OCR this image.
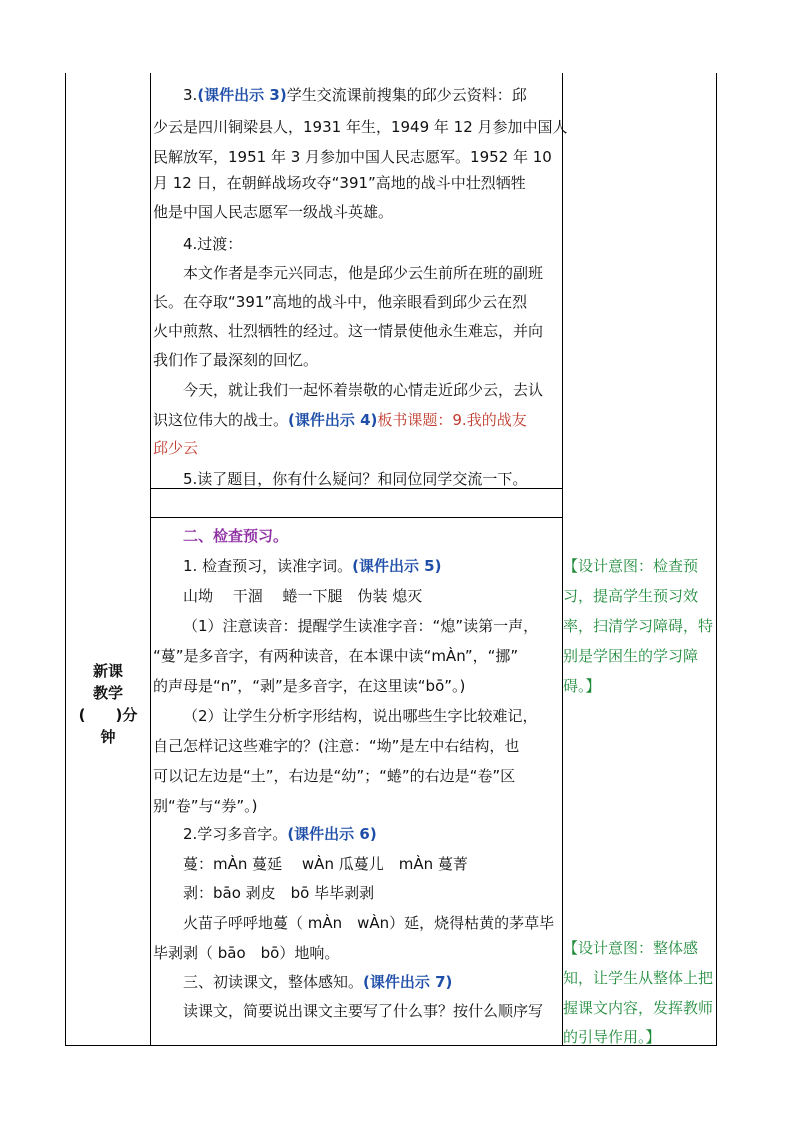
新课
教学
(　　)分
钟
3.(课件出示 3)学生交流课前搜集的邱少云资料：邱
少云是四川铜梁县人，1931 年生，1949 年 12 月参加中国人
民解放军，1951 年 3 月参加中国人民志愿军。1952 年 10
月 12 日，在朝鲜战场攻夺“391”高地的战斗中壮烈牺牲
他是中国人民志愿军一级战斗英雄。
4.过渡：
本文作者是李元兴同志，他是邱少云生前所在班的副班
长。在夺取“391”高地的战斗中，他亲眼看到邱少云在烈
火中煎熬、壮烈牺牲的经过。这一情景使他永生难忘，并向
我们作了最深刻的回忆。
今天，就让我们一起怀着崇敬的心情走近邱少云，去认
识这位伟大的战士。(课件出示 4)板书课题：9.我的战友
邱少云
5.读了题目，你有什么疑问？和同位同学交流一下。
二、检查预习。
1. 检查预习，读准字词。(课件出示 5)
山坳　 干涸　 蜷一下腿　伪装 熄灭
（1）注意读音：提醒学生读准字音：“熄”读第一声，
“蔓”是多音字，有两种读音，在本课中读“mÀn”，“挪”
的声母是“n”，“剥”是多音字，在这里读“bō”。)
（2）让学生分析字形结构，说出哪些生字比较难记，
自己怎样记这些难字的？(注意：“坳”是左中右结构，也
可以记左边是“土”，右边是“幼”；“蜷”的右边是“卷”区
别“卷”与“券”。)
2.学习多音字。(课件出示 6)
蔓：mÀn 蔓延　 wÀn 瓜蔓儿　mÀn 蔓菁
剥：bāo 剥皮　bō 毕毕剥剥
火苗子呼呼地蔓（ mÀn　wÀn）延，烧得枯黄的茅草毕
毕剥剥（ bāo　bō）地响。
三、初读课文，整体感知。(课件出示 7)
读课文，简要说出课文主要写了什么事？按什么顺序写
【设计意图：检查预
习，提高学生预习效
率，扫清学习障碍，特
别是学困生的学习障
碍。】
【设计意图：整体感
知，让学生从整体上把
握课文内容，发挥教师
的引导作用。】
